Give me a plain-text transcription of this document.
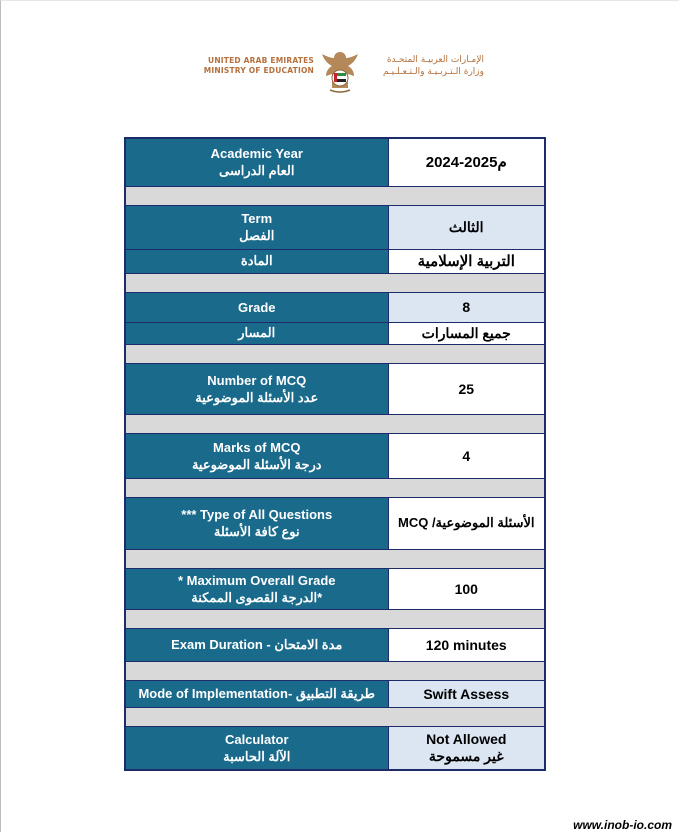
UNITED ARAB EMIRATES
MINISTRY OF EDUCATION
الإمـارات العربيـة المتحـدة
وزارة الـتـربـيـة والـتـعـلـيـم
Academic Year
العام الدراسى	2024-2025م

Term
الفصل	الثالث
المادة	التربية الإسلامية

Grade	8
المسار	جميع المسارات

Number of MCQ
عدد الأسئلة الموضوعية	25

Marks of MCQ
درجة الأسئلة الموضوعية	4

*** Type of All Questions
نوع كافة الأسئلة	الأسئلة الموضوعية/ MCQ

* Maximum Overall Grade
*الدرجة القصوى الممكنة	100

Exam Duration - مدة الامتحان	120 minutes

Mode of Implementation- طريقة التطبيق	Swift Assess

Calculator
الآلة الحاسبة	Not Allowed
غير مسموحة
www.inob-io.com
